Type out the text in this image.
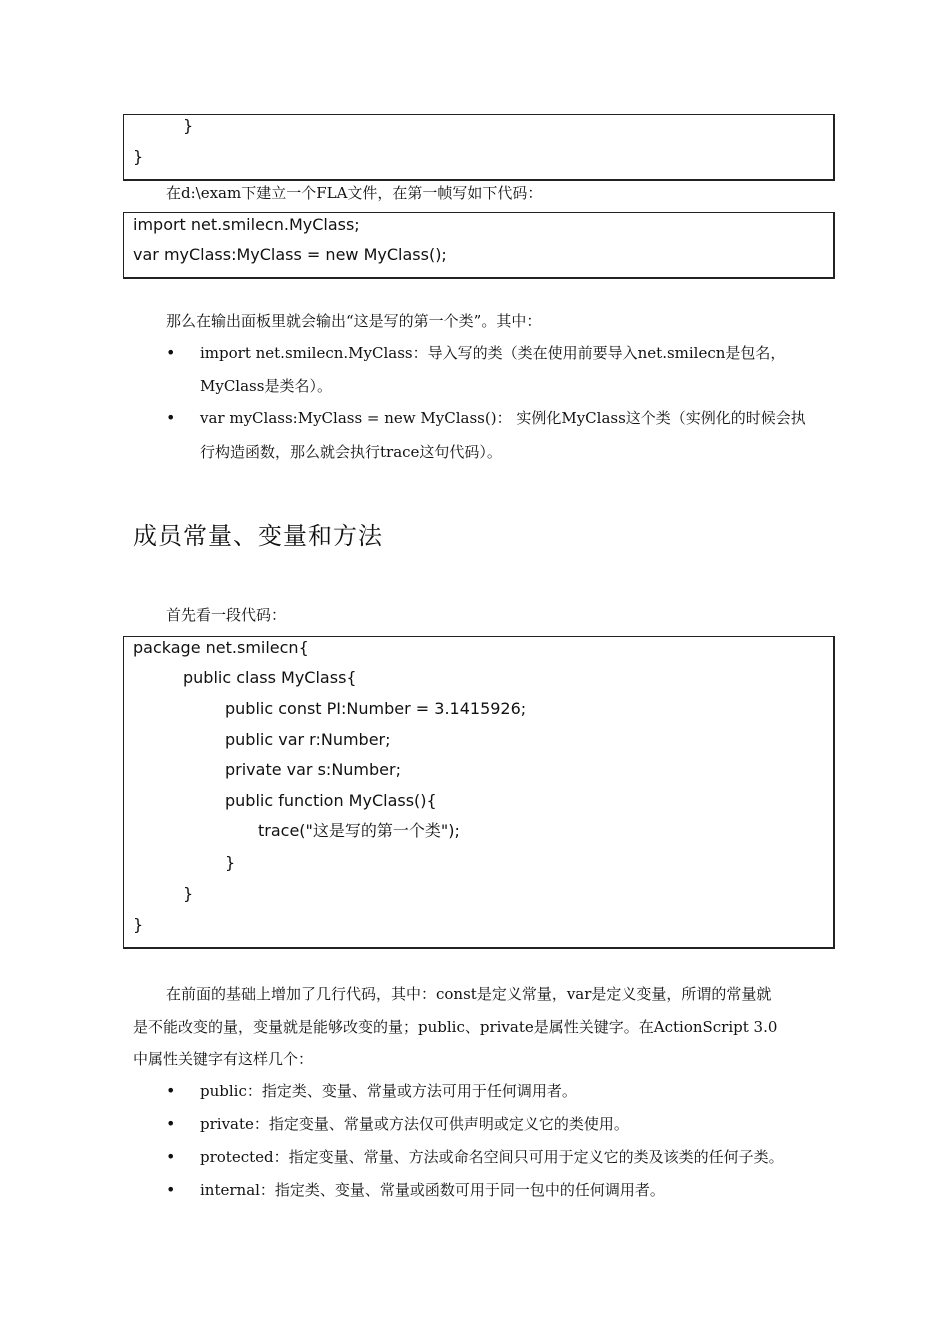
}
}
在d:\exam下建立一个FLA文件，在第一帧写如下代码：
import net.smilecn.MyClass;
var myClass:MyClass = new MyClass();
那么在输出面板里就会输出“这是写的第一个类”。其中：
• import net.smilecn.MyClass：导入写的类（类在使用前要导入net.smilecn是包名，
MyClass是类名）。
• var myClass:MyClass = new MyClass()： 实例化MyClass这个类（实例化的时候会执
行构造函数，那么就会执行trace这句代码）。
成员常量、变量和方法
首先看一段代码：
package net.smilecn{
public class MyClass{
public const PI:Number = 3.1415926;
public var r:Number;
private var s:Number;
public function MyClass(){
trace("这是写的第一个类");
}
}
}
在前面的基础上增加了几行代码，其中：const是定义常量，var是定义变量，所谓的常量就
是不能改变的量，变量就是能够改变的量；public、private是属性关键字。在ActionScript 3.0
中属性关键字有这样几个：
• public：指定类、变量、常量或方法可用于任何调用者。
• private：指定变量、常量或方法仅可供声明或定义它的类使用。
• protected：指定变量、常量、方法或命名空间只可用于定义它的类及该类的任何子类。
• internal：指定类、变量、常量或函数可用于同一包中的任何调用者。
